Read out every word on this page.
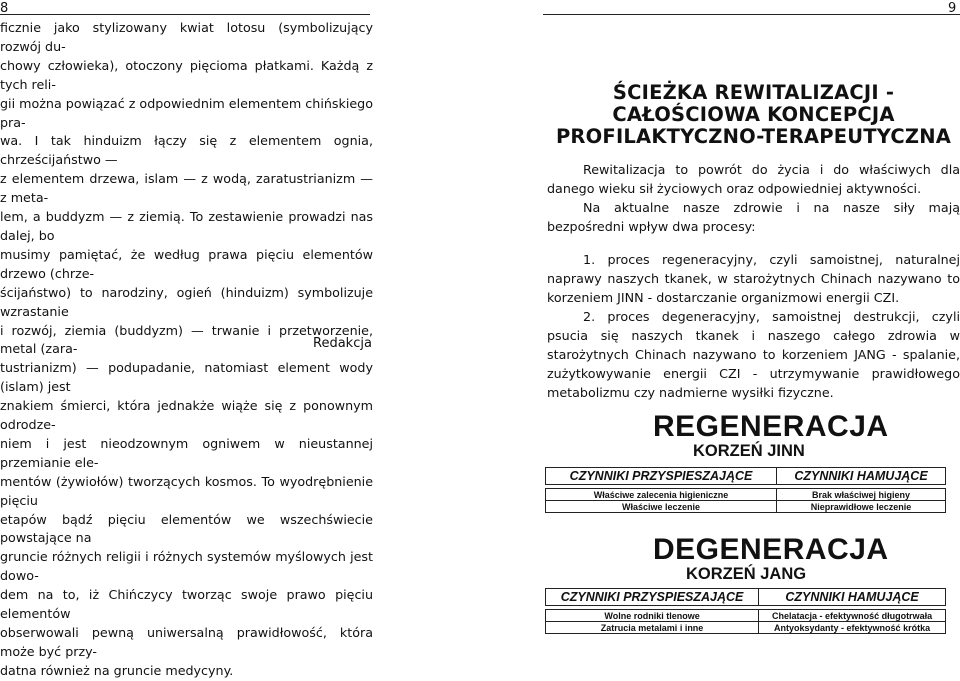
8

ficznie jako stylizowany kwiat lotosu (symbolizujący rozwój du-

chowy człowieka), otoczony pięcioma płatkami. Każdą z tych reli-

gii można powiązać z odpowiednim elementem chińskiego pra-

wa. I tak hinduizm łączy się z elementem ognia, chrześcijaństwo —

z elementem drzewa, islam — z wodą, zaratustrianizm — z meta-

lem, a buddyzm — z ziemią. To zestawienie prowadzi nas dalej, bo

musimy pamiętać, że według prawa pięciu elementów drzewo (chrze-

ścijaństwo) to narodziny, ogień (hinduizm) symbolizuje wzrastanie

i rozwój, ziemia (buddyzm) — trwanie i przetworzenie, metal (zara-

tustrianizm) — podupadanie, natomiast element wody (islam) jest

znakiem śmierci, która jednakże wiąże się z ponownym odrodze-

niem i jest nieodzownym ogniwem w nieustannej przemianie ele-

mentów (żywiołów) tworzących kosmos. To wyodrębnienie pięciu

etapów bądź pięciu elementów we wszechświecie powstające na

gruncie różnych religii i różnych systemów myślowych jest dowo-

dem na to, iż Chińczycy tworząc swoje prawo pięciu elementów

obserwowali pewną uniwersalną prawidłowość, która może być przy-

datna również na gruncie medycyny.

Redakcja
9
ŚCIEŻKA REWITALIZACJI -
CAŁOŚCIOWA KONCEPCJA
PROFILAKTYCZNO-TERAPEUTYCZNA

Rewitalizacja to powrót do życia i do właściwych dla danego wieku sił życiowych oraz odpowiedniej aktywności.

Na aktualne nasze zdrowie i na nasze siły mają bezpośredni wpływ dwa procesy:

1. proces regeneracyjny, czyli samoistnej, naturalnej naprawy naszych tkanek, w starożytnych Chinach nazywano to korzeniem JINN - dostarczanie organizmowi energii CZI.

2. proces degeneracyjny, samoistnej destrukcji, czyli psucia się naszych tkanek i naszego całego zdrowia w starożytnych Chinach nazywano to korzeniem JANG - spalanie, zużytkowywanie energii CZI - utrzymywanie prawidłowego metabolizmu czy nadmierne wysiłki fizyczne.

REGENERACJA
KORZEŃ JINN
CZYNNIKI PRZYSPIESZAJĄCE	CZYNNIKI HAMUJĄCE

Właściwe zalecenia higieniczne	Brak właściwej higieny
Właściwe leczenie	Nieprawidłowe leczenie
DEGENERACJA
KORZEŃ JANG
CZYNNIKI PRZYSPIESZAJĄCE	CZYNNIKI HAMUJĄCE

Wolne rodniki tlenowe	Chelatacja - efektywność długotrwała
Zatrucia metalami i inne	Antyoksydanty - efektywność krótka
